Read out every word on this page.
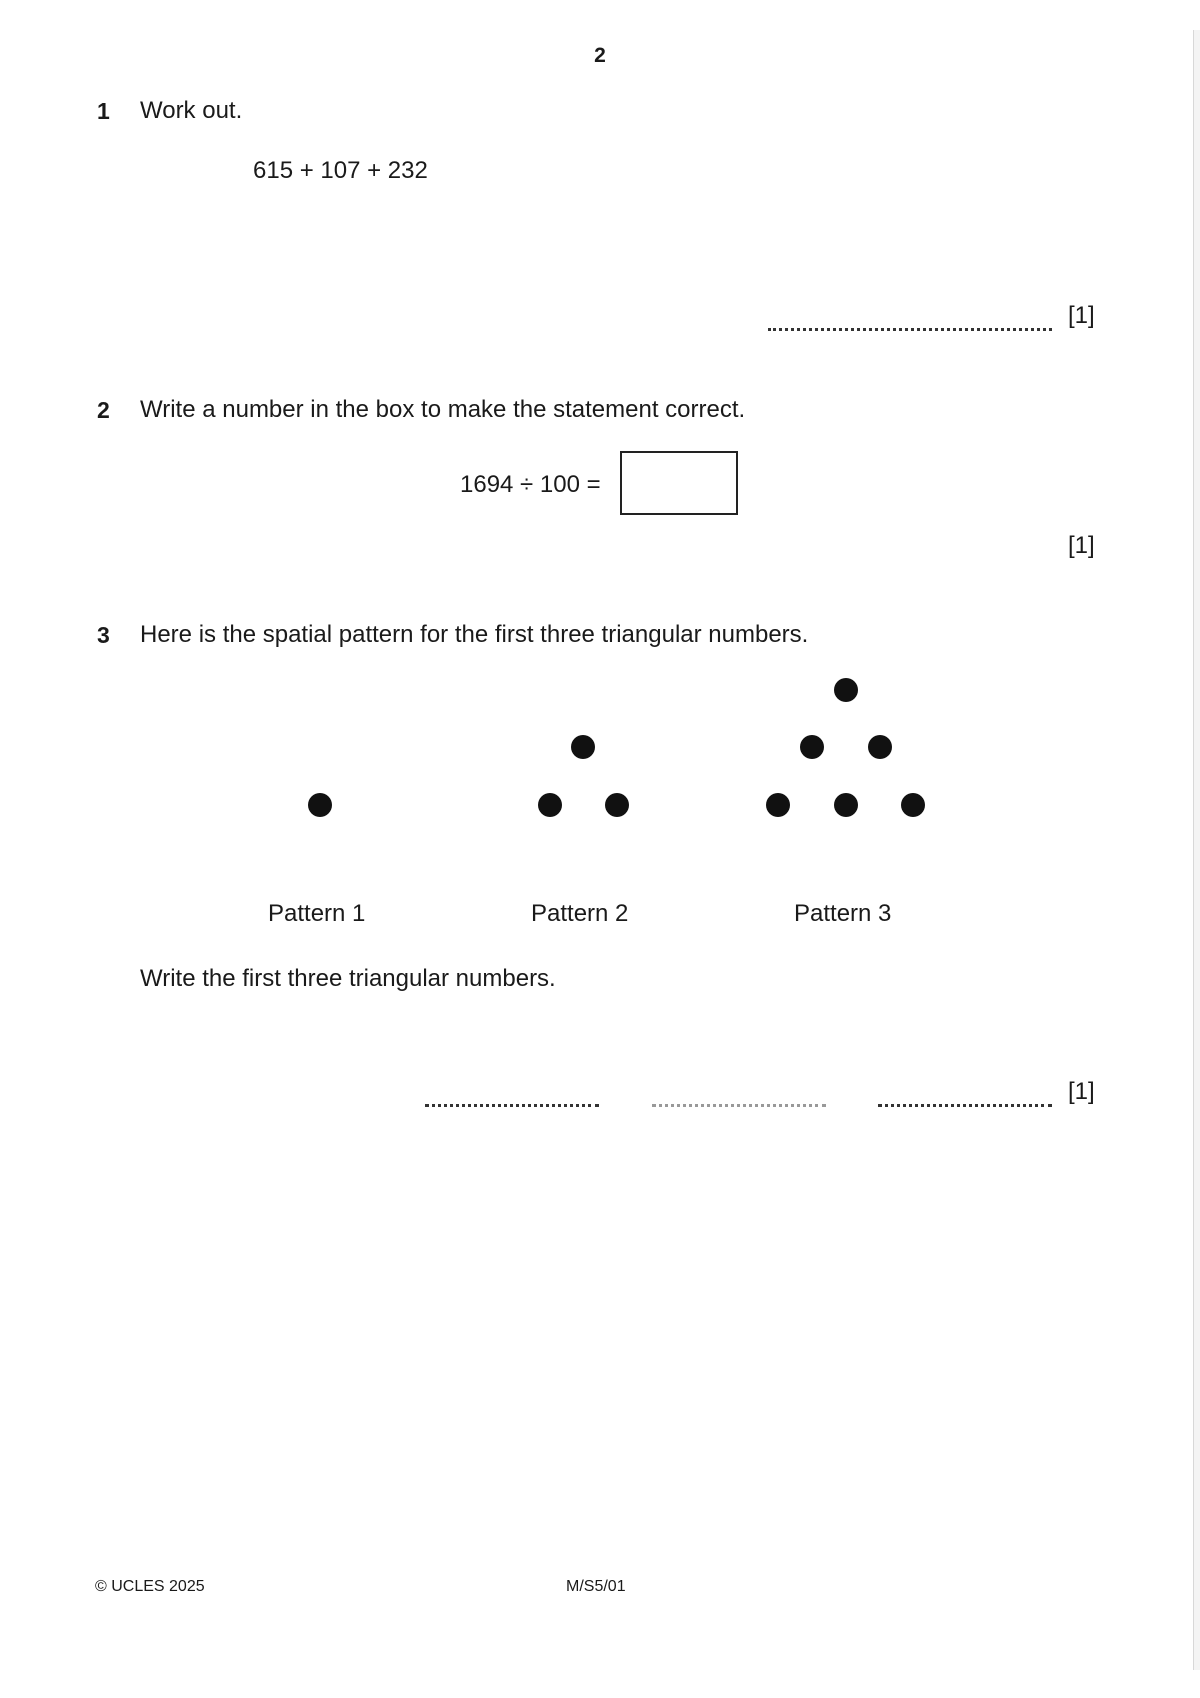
2
1 Work out.
615 + 107 + 232
[1]
2 Write a number in the box to make the statement correct.
1694 ÷ 100 =
[1]
3 Here is the spatial pattern for the first three triangular numbers.
Pattern 1	Pattern 2	Pattern 3
Write the first three triangular numbers.
[1]
© UCLES 2025	M/S5/01
